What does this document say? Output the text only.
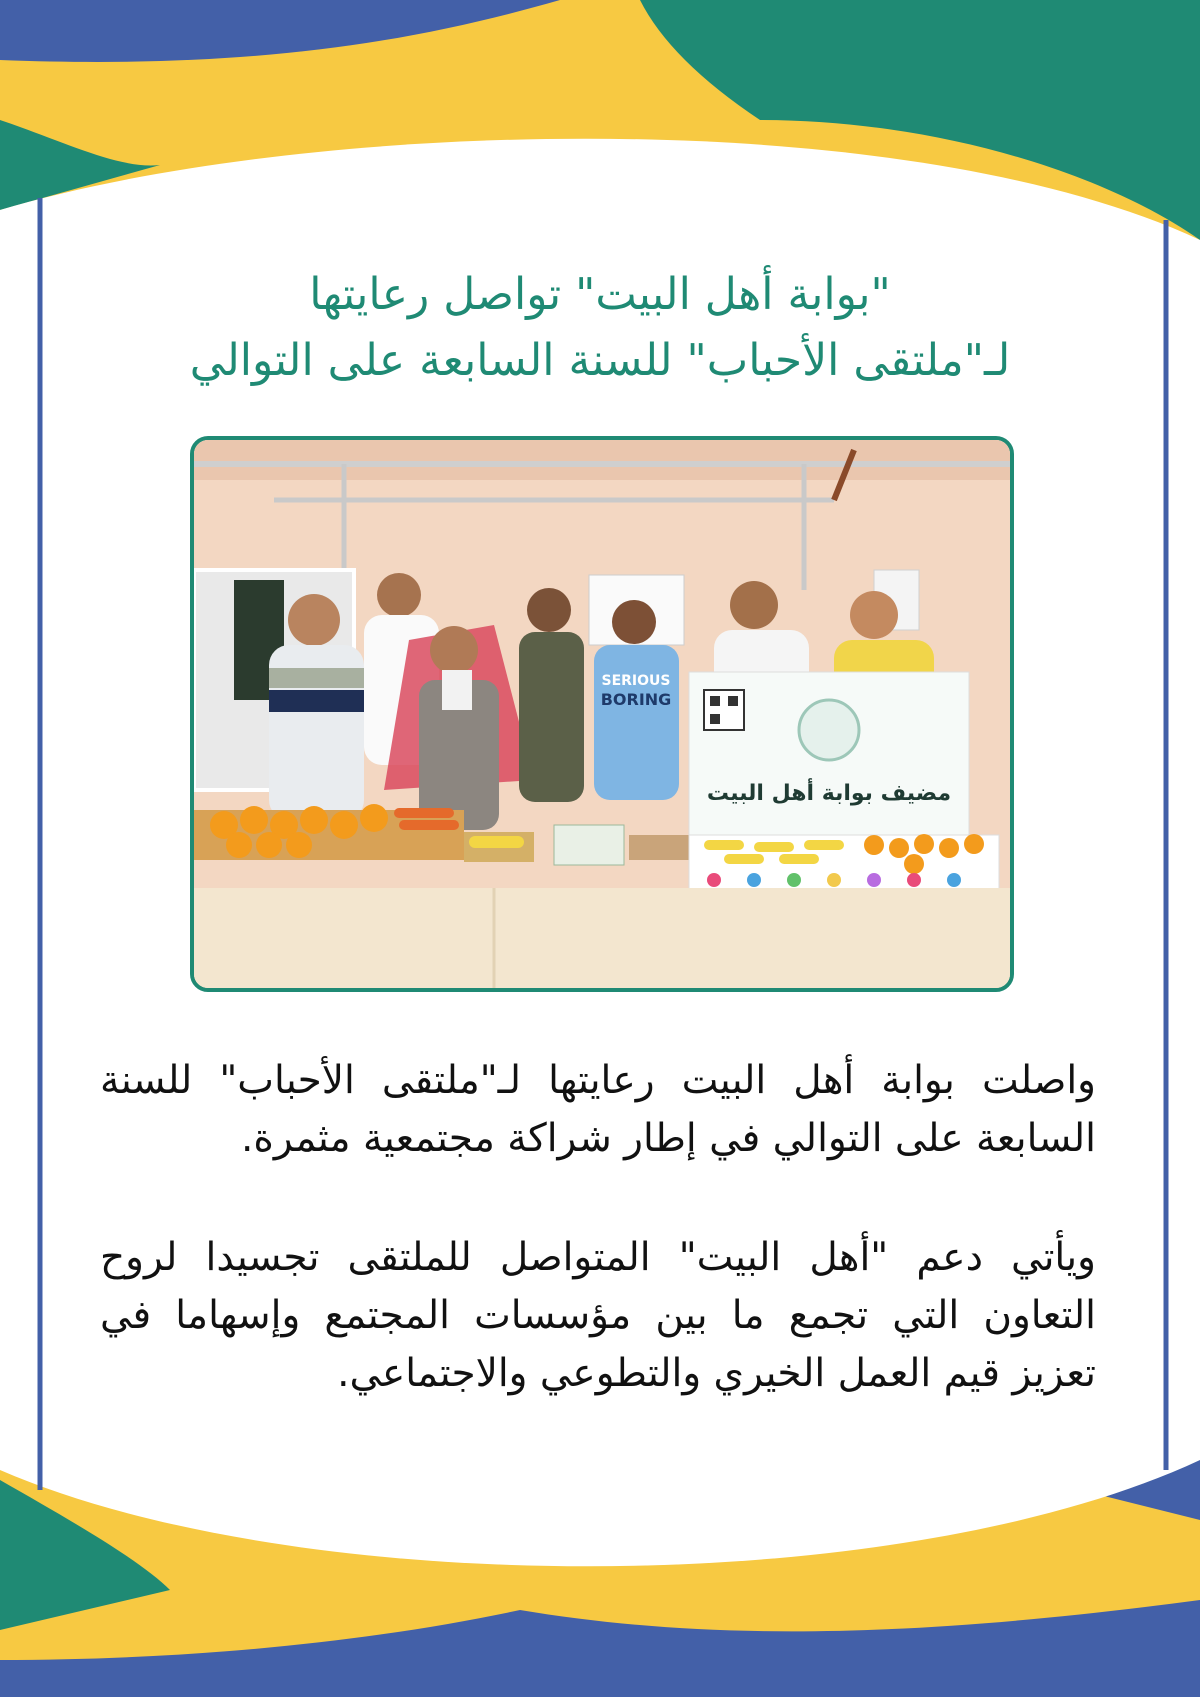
"بوابة أهل البيت" تواصل رعايتها
لـ"ملتقى الأحباب" للسنة السابعة على التوالي
SERIOUS
BORING
مضيف بوابة أهل البيت
واصلت بوابة أهل البيت رعايتها لـ"ملتقى الأحباب" للسنة السابعة على التوالي في إطار شراكة مجتمعية مثمرة.
ويأتي دعم "أهل البيت" المتواصل للملتقى تجسيدا لروح التعاون التي تجمع ما بين مؤسسات المجتمع وإسهاما في تعزيز قيم العمل الخيري والتطوعي والاجتماعي.
